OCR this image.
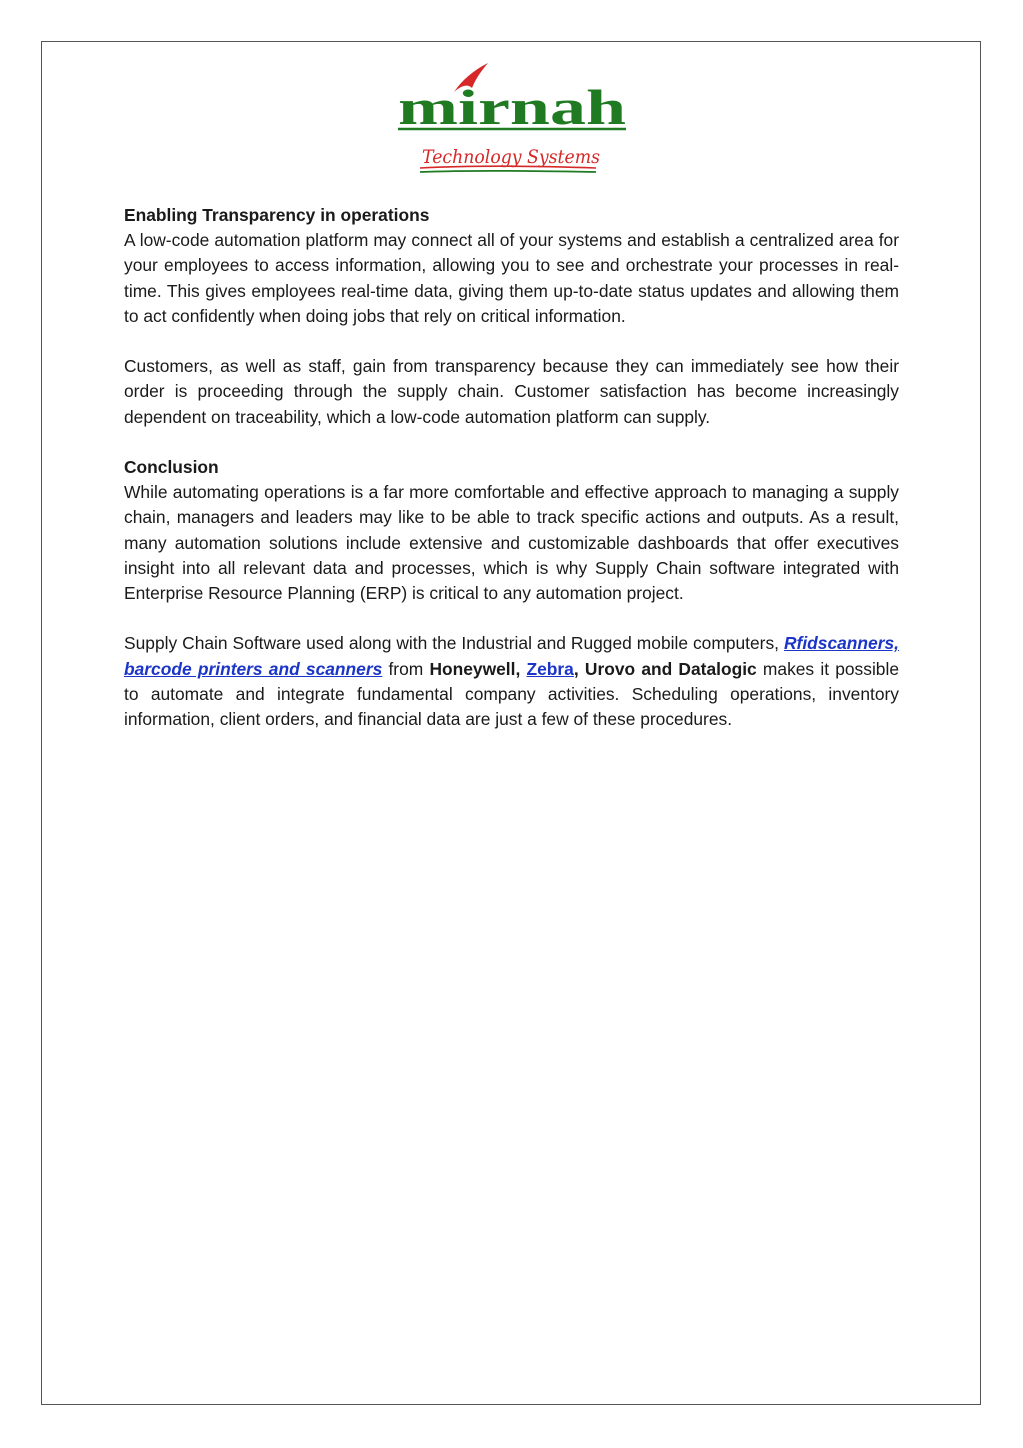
mirnah
Technology Systems

Enabling Transparency in operations

A low-code automation platform may connect all of your systems and establish a centralized area for your employees to access information, allowing you to see and orchestrate your processes in real-time. This gives employees real-time data, giving them up-to-date status updates and allowing them to act confidently when doing jobs that rely on critical information.

Customers, as well as staff, gain from transparency because they can immediately see how their order is proceeding through the supply chain. Customer satisfaction has become increasingly dependent on traceability, which a low-code automation platform can supply.

Conclusion

While automating operations is a far more comfortable and effective approach to managing a supply chain, managers and leaders may like to be able to track specific actions and outputs. As a result, many automation solutions include extensive and customizable dashboards that offer executives insight into all relevant data and processes, which is why Supply Chain software integrated with Enterprise Resource Planning (ERP) is critical to any automation project.

Supply Chain Software used along with the Industrial and Rugged mobile computers, Rfidscanners, barcode printers and scanners from Honeywell, Zebra, Urovo and Datalogic makes it possible to automate and integrate fundamental company activities. Scheduling operations, inventory information, client orders, and financial data are just a few of these procedures.
